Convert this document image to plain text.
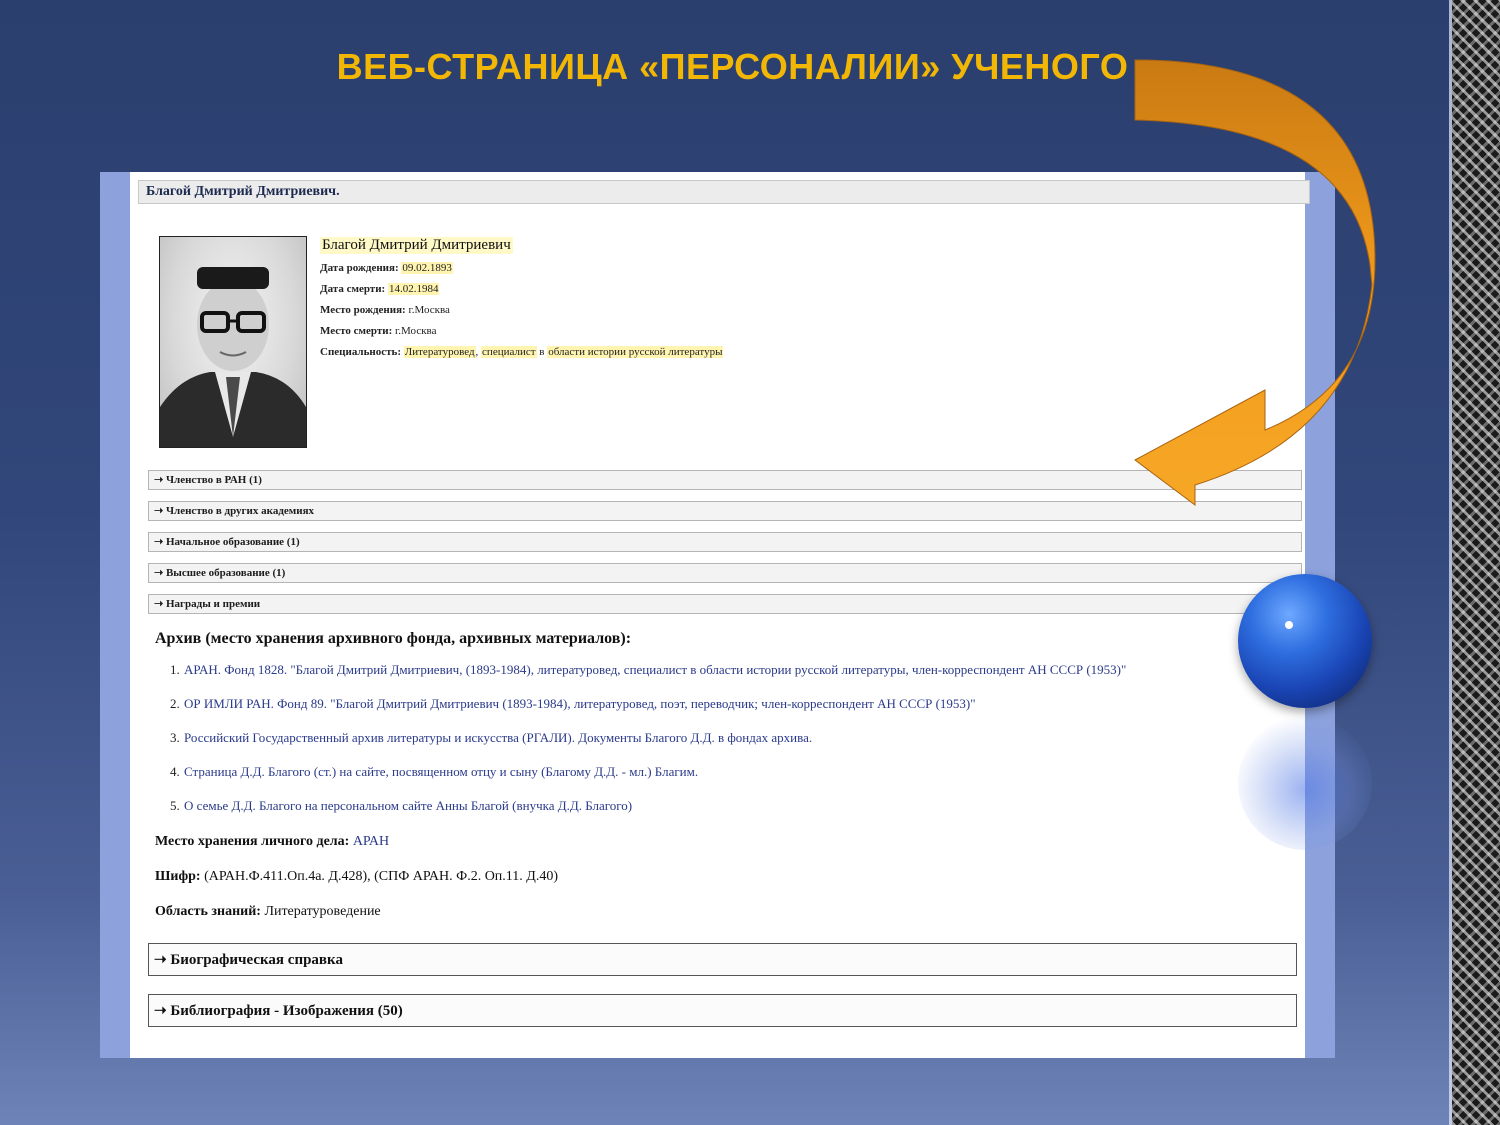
ВЕБ-СТРАНИЦА «ПЕРСОНАЛИИ» УЧЕНОГО
Благой Дмитрий Дмитриевич.
Благой Дмитрий Дмитриевич
Дата рождения: 09.02.1893
Дата смерти: 14.02.1984
Место рождения: г.Москва
Место смерти: г.Москва
Специальность: Литературовед, специалист в области истории русской литературы
➝ Членство в РАН (1)
➝ Членство в других академиях
➝ Начальное образование (1)
➝ Высшее образование (1)
➝ Награды и премии
Архив (место хранения архивного фонда, архивных материалов):
1. АРАН. Фонд 1828. "Благой Дмитрий Дмитриевич, (1893-1984), литературовед, специалист в области истории русской литературы, член-корреспондент АН СССР (1953)"
2. ОР ИМЛИ РАН. Фонд 89. "Благой Дмитрий Дмитриевич (1893-1984), литературовед, поэт, переводчик; член-корреспондент АН СССР (1953)"
3. Российский Государственный архив литературы и искусства (РГАЛИ). Документы Благого Д.Д. в фондах архива.
4. Страница Д.Д. Благого (ст.) на сайте, посвященном отцу и сыну (Благому Д.Д. - мл.) Благим.
5. О семье Д.Д. Благого на персональном сайте Анны Благой (внучка Д.Д. Благого)
Место хранения личного дела: АРАН
Шифр: (АРАН.Ф.411.Оп.4а. Д.428), (СПФ АРАН. Ф.2. Оп.11. Д.40)
Область знаний: Литературоведение
➝ Биографическая справка
➝ Библиография - Изображения (50)
